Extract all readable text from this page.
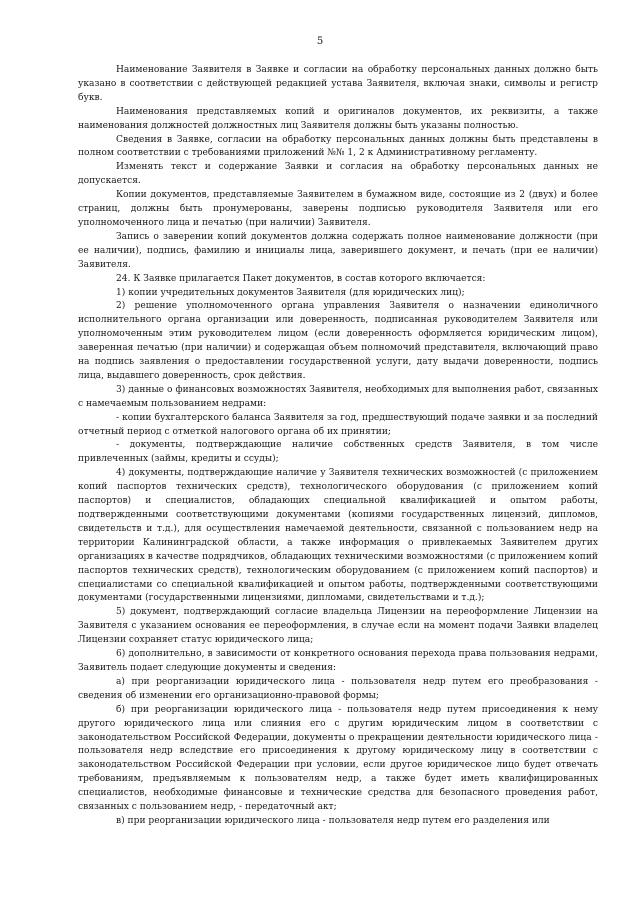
5

Наименование Заявителя в Заявке и согласии на обработку персональных данных должно быть указано в соответствии с действующей редакцией устава Заявителя, включая знаки, символы и регистр букв.

Наименования представляемых копий и оригиналов документов, их реквизиты, а также наименования должностей должностных лиц Заявителя должны быть указаны полностью.

Сведения в Заявке, согласии на обработку персональных данных должны быть представлены в полном соответствии с требованиями приложений №№ 1, 2 к Административному регламенту.

Изменять текст и содержание Заявки и согласия на обработку персональных данных не допускается.

Копии документов, представляемые Заявителем в бумажном виде, состоящие из 2 (двух) и более страниц, должны быть пронумерованы, заверены подписью руководителя Заявителя или его уполномоченного лица и печатью (при наличии) Заявителя.

Запись о заверении копий документов должна содержать полное наименование должности (при ее наличии), подпись, фамилию и инициалы лица, заверившего документ, и печать (при ее наличии) Заявителя.

24. К Заявке прилагается Пакет документов, в состав которого включается:

1) копии учредительных документов Заявителя (для юридических лиц);

2) решение уполномоченного органа управления Заявителя о назначении единоличного исполнительного органа организации или доверенность, подписанная руководителем Заявителя или уполномоченным этим руководителем лицом (если доверенность оформляется юридическим лицом), заверенная печатью (при наличии) и содержащая объем полномочий представителя, включающий право на подпись заявления о предоставлении государственной услуги, дату выдачи доверенности, подпись лица, выдавшего доверенность, срок действия.

3) данные о финансовых возможностях Заявителя, необходимых для выполнения работ, связанных с намечаемым пользованием недрами:

- копии бухгалтерского баланса Заявителя за год, предшествующий подаче заявки и за последний отчетный период с отметкой налогового органа об их принятии;

- документы, подтверждающие наличие собственных средств Заявителя, в том числе привлеченных (займы, кредиты и ссуды);

4) документы, подтверждающие наличие у Заявителя технических возможностей (с приложением копий паспортов технических средств), технологического оборудования (с приложением копий паспортов) и специалистов, обладающих специальной квалификацией и опытом работы, подтвержденными соответствующими документами (копиями государственных лицензий, дипломов, свидетельств и т.д.), для осуществления намечаемой деятельности, связанной с пользованием недр на территории Калининградской области, а также информация о привлекаемых Заявителем других организациях в качестве подрядчиков, обладающих техническими возможностями (с приложением копий паспортов технических средств), технологическим оборудованием (с приложением копий паспортов) и специалистами со специальной квалификацией и опытом работы, подтвержденными соответствующими документами (государственными лицензиями, дипломами, свидетельствами и т.д.);

5) документ, подтверждающий согласие владельца Лицензии на переоформление Лицензии на Заявителя с указанием основания ее переоформления, в случае если на момент подачи Заявки владелец Лицензии сохраняет статус юридического лица;

6) дополнительно, в зависимости от конкретного основания перехода права пользования недрами, Заявитель подает следующие документы и сведения:

а) при реорганизации юридического лица - пользователя недр путем его преобразования - сведения об изменении его организационно-правовой формы;

б) при реорганизации юридического лица - пользователя недр путем присоединения к нему другого юридического лица или слияния его с другим юридическим лицом в соответствии с законодательством Российской Федерации, документы о прекращении деятельности юридического лица - пользователя недр вследствие его присоединения к другому юридическому лицу в соответствии с законодательством Российской Федерации при условии, если другое юридическое лицо будет отвечать требованиям, предъявляемым к пользователям недр, а также будет иметь квалифицированных специалистов, необходимые финансовые и технические средства для безопасного проведения работ, связанных с пользованием недр, - передаточный акт;

в) при реорганизации юридического лица - пользователя недр путем его разделения или
